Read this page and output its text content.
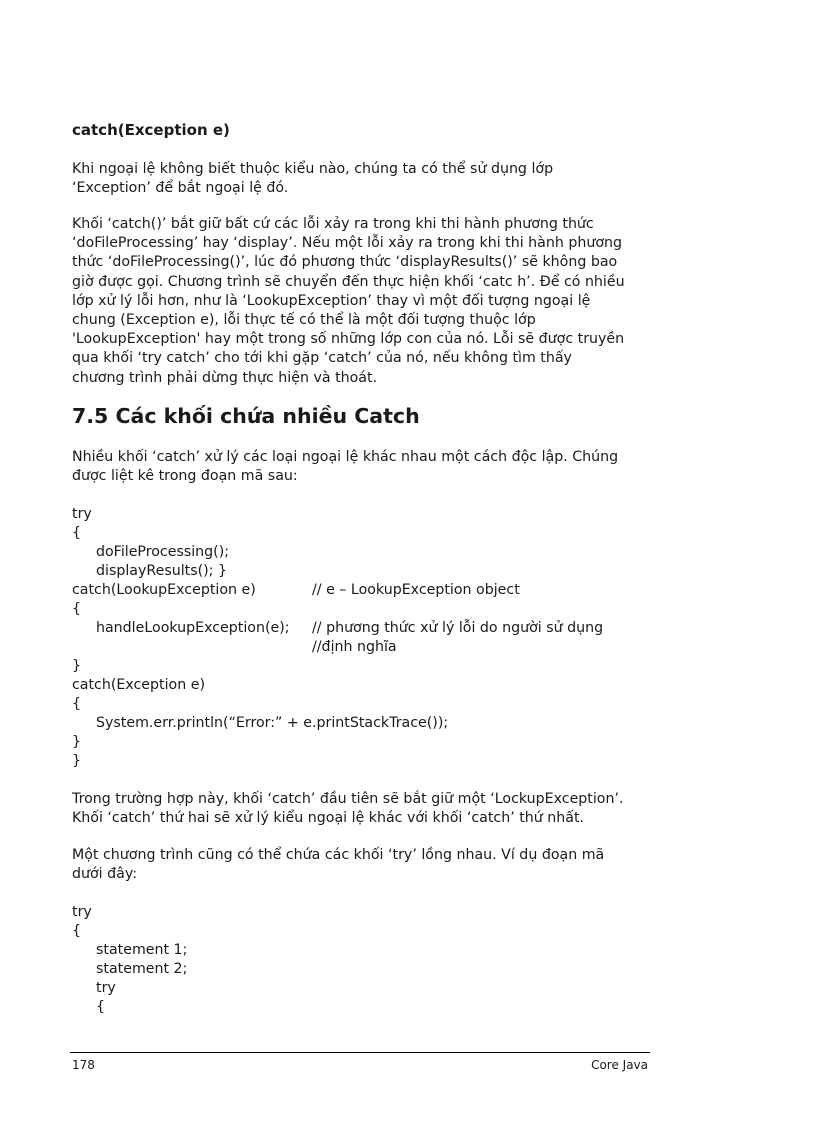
catch(Exception e)
Khi ngoại lệ không biết thuộc kiểu nào, chúng ta có thể sử dụng lớp
‘Exception’ để bắt ngoại lệ đó.
Khối ‘catch()’ bắt giữ bất cứ các lỗi xảy ra trong khi thi hành phương thức
‘doFileProcessing’ hay ‘display’. Nếu một lỗi xảy ra trong khi thi hành phương
thức ‘doFileProcessing()’, lúc đó phương thức ‘displayResults()’ sẽ không bao
giờ được gọi. Chương trình sẽ chuyển đến thực hiện khối ‘catc h’. Để có nhiều
lớp xử lý lỗi hơn, như là ‘LookupException’ thay vì một đối tượng ngoại lệ
chung (Exception e), lỗi thực tế có thể là một đối tượng thuộc lớp
'LookupException' hay một trong số những lớp con của nó. Lỗi sẽ được truyền
qua khối ‘try catch’ cho tới khi gặp ‘catch’ của nó, nếu không tìm thấy
chương trình phải dừng thực hiện và thoát.
7.5 Các khối chứa nhiều Catch
Nhiều khối ‘catch’ xử lý các loại ngoại lệ khác nhau một cách độc lập. Chúng
được liệt kê trong đoạn mã sau:
try
{
doFileProcessing();
displayResults(); }
catch(LookupException e)	// e – LookupException object
{
handleLookupException(e); // phương thức xử lý lỗi do người sử dụng
//định nghĩa
}
catch(Exception e)
{
System.err.println(“Error:” + e.printStackTrace());
}
}
Trong trường hợp này, khối ‘catch’ đầu tiên sẽ bắt giữ một ‘LockupException’.
Khối ‘catch’ thứ hai sẽ xử lý kiểu ngoại lệ khác với khối ‘catch’ thứ nhất.
Một chương trình cũng có thể chứa các khối ‘try’ lồng nhau. Ví dụ đoạn mã
dưới đây:
try
{
statement 1;
statement 2;
try
{
178	Core Java
